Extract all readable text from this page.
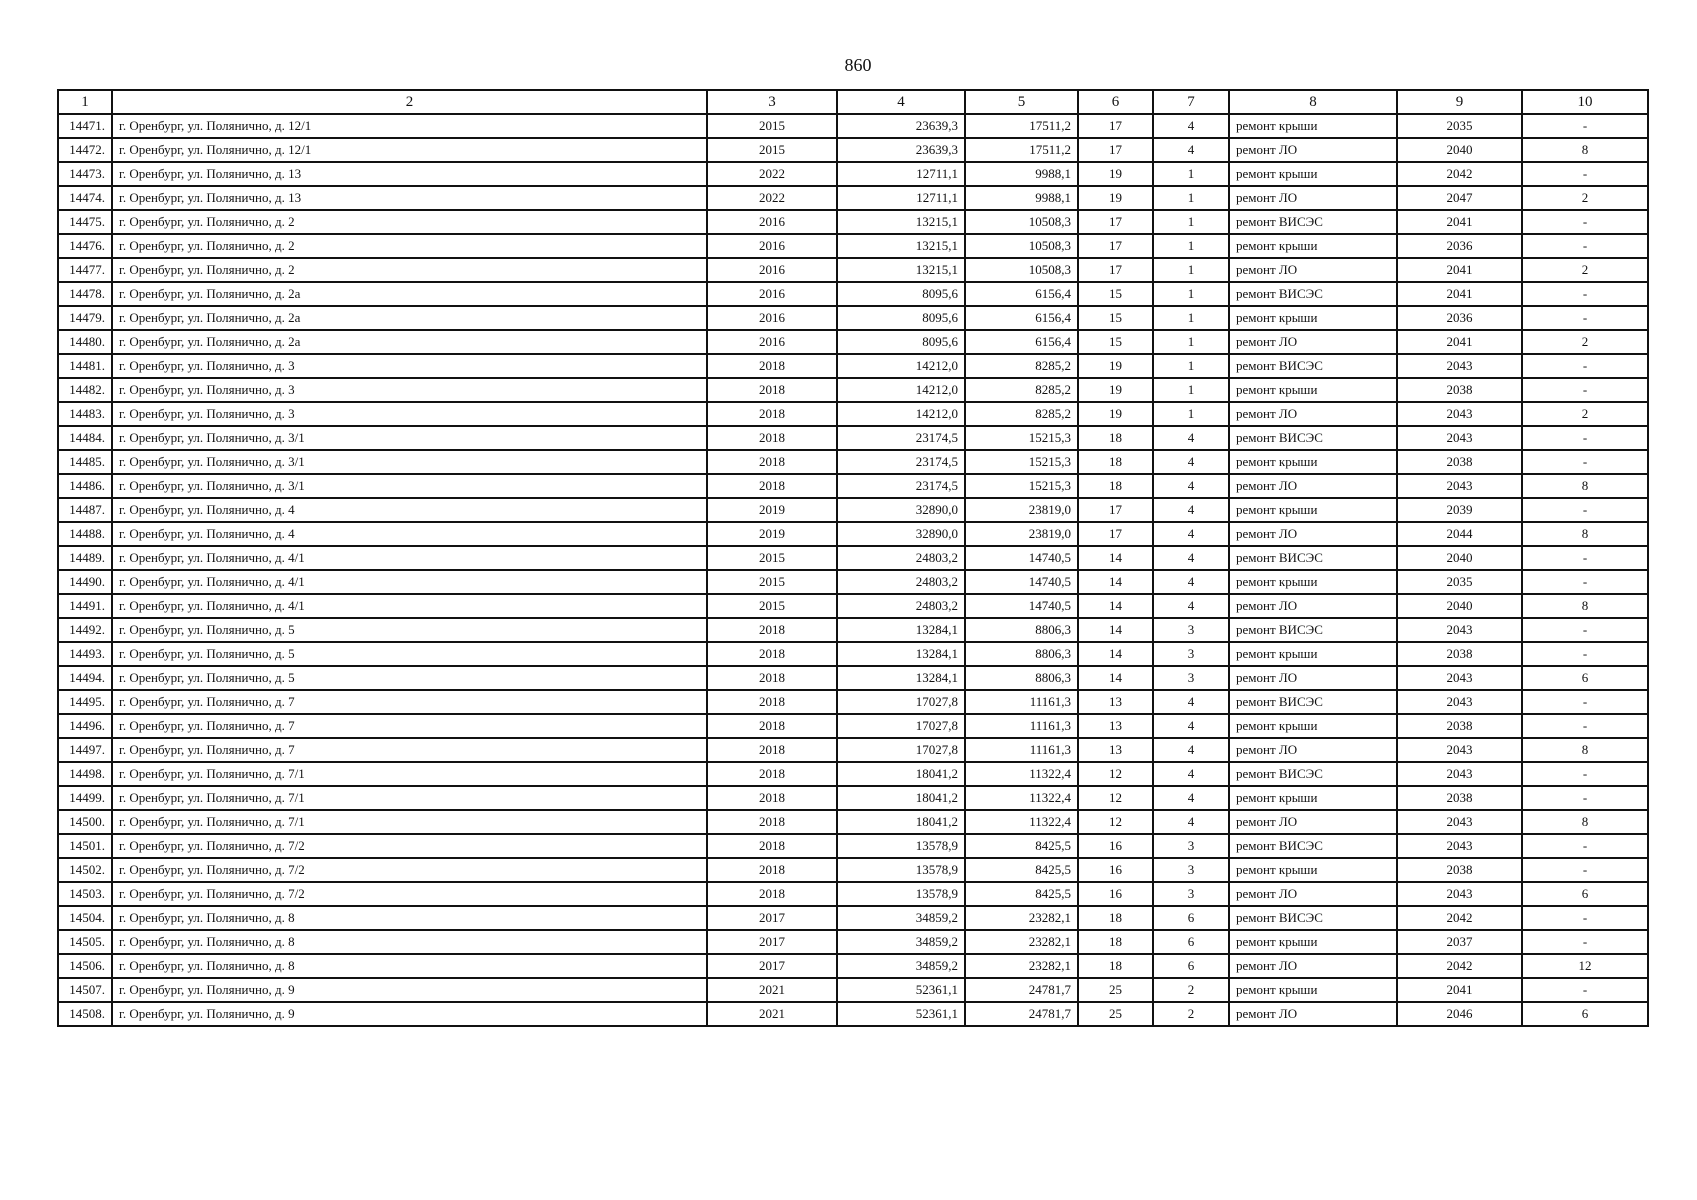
860
1	2	3	4	5	6	7	8	9	10
14471.	г. Оренбург, ул. Полянично, д. 12/1	2015	23639,3	17511,2	17	4	ремонт крыши	2035	-
14472.	г. Оренбург, ул. Полянично, д. 12/1	2015	23639,3	17511,2	17	4	ремонт ЛО	2040	8
14473.	г. Оренбург, ул. Полянично, д. 13	2022	12711,1	9988,1	19	1	ремонт крыши	2042	-
14474.	г. Оренбург, ул. Полянично, д. 13	2022	12711,1	9988,1	19	1	ремонт ЛО	2047	2
14475.	г. Оренбург, ул. Полянично, д. 2	2016	13215,1	10508,3	17	1	ремонт ВИСЭС	2041	-
14476.	г. Оренбург, ул. Полянично, д. 2	2016	13215,1	10508,3	17	1	ремонт крыши	2036	-
14477.	г. Оренбург, ул. Полянично, д. 2	2016	13215,1	10508,3	17	1	ремонт ЛО	2041	2
14478.	г. Оренбург, ул. Полянично, д. 2а	2016	8095,6	6156,4	15	1	ремонт ВИСЭС	2041	-
14479.	г. Оренбург, ул. Полянично, д. 2а	2016	8095,6	6156,4	15	1	ремонт крыши	2036	-
14480.	г. Оренбург, ул. Полянично, д. 2а	2016	8095,6	6156,4	15	1	ремонт ЛО	2041	2
14481.	г. Оренбург, ул. Полянично, д. 3	2018	14212,0	8285,2	19	1	ремонт ВИСЭС	2043	-
14482.	г. Оренбург, ул. Полянично, д. 3	2018	14212,0	8285,2	19	1	ремонт крыши	2038	-
14483.	г. Оренбург, ул. Полянично, д. 3	2018	14212,0	8285,2	19	1	ремонт ЛО	2043	2
14484.	г. Оренбург, ул. Полянично, д. 3/1	2018	23174,5	15215,3	18	4	ремонт ВИСЭС	2043	-
14485.	г. Оренбург, ул. Полянично, д. 3/1	2018	23174,5	15215,3	18	4	ремонт крыши	2038	-
14486.	г. Оренбург, ул. Полянично, д. 3/1	2018	23174,5	15215,3	18	4	ремонт ЛО	2043	8
14487.	г. Оренбург, ул. Полянично, д. 4	2019	32890,0	23819,0	17	4	ремонт крыши	2039	-
14488.	г. Оренбург, ул. Полянично, д. 4	2019	32890,0	23819,0	17	4	ремонт ЛО	2044	8
14489.	г. Оренбург, ул. Полянично, д. 4/1	2015	24803,2	14740,5	14	4	ремонт ВИСЭС	2040	-
14490.	г. Оренбург, ул. Полянично, д. 4/1	2015	24803,2	14740,5	14	4	ремонт крыши	2035	-
14491.	г. Оренбург, ул. Полянично, д. 4/1	2015	24803,2	14740,5	14	4	ремонт ЛО	2040	8
14492.	г. Оренбург, ул. Полянично, д. 5	2018	13284,1	8806,3	14	3	ремонт ВИСЭС	2043	-
14493.	г. Оренбург, ул. Полянично, д. 5	2018	13284,1	8806,3	14	3	ремонт крыши	2038	-
14494.	г. Оренбург, ул. Полянично, д. 5	2018	13284,1	8806,3	14	3	ремонт ЛО	2043	6
14495.	г. Оренбург, ул. Полянично, д. 7	2018	17027,8	11161,3	13	4	ремонт ВИСЭС	2043	-
14496.	г. Оренбург, ул. Полянично, д. 7	2018	17027,8	11161,3	13	4	ремонт крыши	2038	-
14497.	г. Оренбург, ул. Полянично, д. 7	2018	17027,8	11161,3	13	4	ремонт ЛО	2043	8
14498.	г. Оренбург, ул. Полянично, д. 7/1	2018	18041,2	11322,4	12	4	ремонт ВИСЭС	2043	-
14499.	г. Оренбург, ул. Полянично, д. 7/1	2018	18041,2	11322,4	12	4	ремонт крыши	2038	-
14500.	г. Оренбург, ул. Полянично, д. 7/1	2018	18041,2	11322,4	12	4	ремонт ЛО	2043	8
14501.	г. Оренбург, ул. Полянично, д. 7/2	2018	13578,9	8425,5	16	3	ремонт ВИСЭС	2043	-
14502.	г. Оренбург, ул. Полянично, д. 7/2	2018	13578,9	8425,5	16	3	ремонт крыши	2038	-
14503.	г. Оренбург, ул. Полянично, д. 7/2	2018	13578,9	8425,5	16	3	ремонт ЛО	2043	6
14504.	г. Оренбург, ул. Полянично, д. 8	2017	34859,2	23282,1	18	6	ремонт ВИСЭС	2042	-
14505.	г. Оренбург, ул. Полянично, д. 8	2017	34859,2	23282,1	18	6	ремонт крыши	2037	-
14506.	г. Оренбург, ул. Полянично, д. 8	2017	34859,2	23282,1	18	6	ремонт ЛО	2042	12
14507.	г. Оренбург, ул. Полянично, д. 9	2021	52361,1	24781,7	25	2	ремонт крыши	2041	-
14508.	г. Оренбург, ул. Полянично, д. 9	2021	52361,1	24781,7	25	2	ремонт ЛО	2046	6
